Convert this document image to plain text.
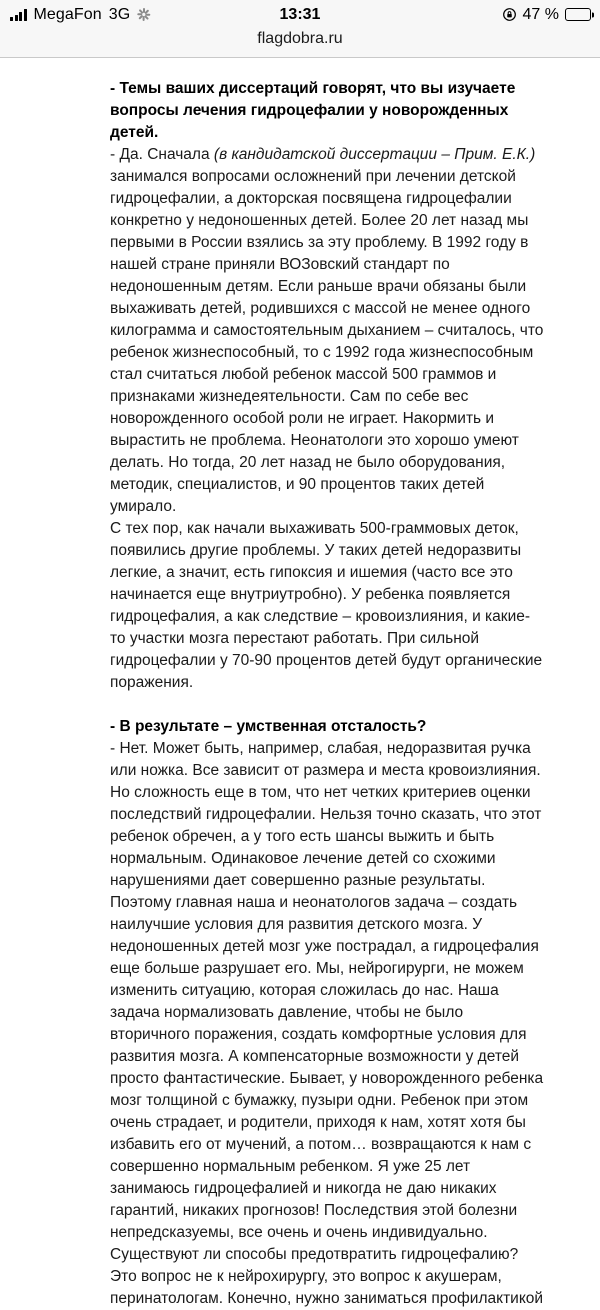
MegaFon 3G	13:31	47 %
flagdobra.ru

- Темы ваших диссертаций говорят, что вы изучаете вопросы лечения гидроцефалии у новорожденных детей.

- Да. Сначала (в кандидатской диссертации – Прим. Е.К.) занимался вопросами осложнений при лечении детской гидроцефалии, а докторская посвящена гидроцефалии конкретно у недоношенных детей. Более 20 лет назад мы первыми в России взялись за эту проблему. В 1992 году в нашей стране приняли ВОЗовский стандарт по недоношенным детям. Если раньше врачи обязаны были выхаживать детей, родившихся с массой не менее одного килограмма и самостоятельным дыханием – считалось, что ребенок жизнеспособный, то с 1992 года жизнеспособным стал считаться любой ребенок массой 500 граммов и признаками жизнедеятельности. Сам по себе вес новорожденного особой роли не играет. Накормить и вырастить не проблема. Неонатологи это хорошо умеют делать. Но тогда, 20 лет назад не было оборудования, методик, специалистов, и 90 процентов таких детей умирало.

С тех пор, как начали выхаживать 500-граммовых деток, появились другие проблемы. У таких детей недоразвиты легкие, а значит, есть гипоксия и ишемия (часто все это начинается еще внутриутробно). У ребенка появляется гидроцефалия, а как следствие – кровоизлияния, и какие-то участки мозга перестают работать. При сильной гидроцефалии у 70-90 процентов детей будут органические поражения.

- В результате – умственная отсталость?

- Нет. Может быть, например, слабая, недоразвитая ручка или ножка. Все зависит от размера и места кровоизлияния. Но сложность еще в том, что нет четких критериев оценки последствий гидроцефалии. Нельзя точно сказать, что этот ребенок обречен, а у того есть шансы выжить и быть нормальным. Одинаковое лечение детей со схожими нарушениями дает совершенно разные результаты. Поэтому главная наша и неонатологов задача – создать наилучшие условия для развития детского мозга. У недоношенных детей мозг уже пострадал, а гидроцефалия еще больше разрушает его. Мы, нейрогирурги, не можем изменить ситуацию, которая сложилась до нас. Наша задача нормализовать давление, чтобы не было вторичного поражения, создать комфортные условия для развития мозга. А компенсаторные возможности у детей просто фантастические. Бывает, у новорожденного ребенка мозг толщиной с бумажку, пузыри одни. Ребенок при этом очень страдает, и родители, приходя к нам, хотят хотя бы избавить его от мучений, а потом… возвращаются к нам с совершенно нормальным ребенком. Я уже 25 лет занимаюсь гидроцефалией и никогда не даю никаких гарантий, никаких прогнозов! Последствия этой болезни непредсказуемы, все очень и очень индивидуально.

Существуют ли способы предотвратить гидроцефалию?

Это вопрос не к нейрохирургу, это вопрос к акушерам, перинатологам. Конечно, нужно заниматься профилактикой
